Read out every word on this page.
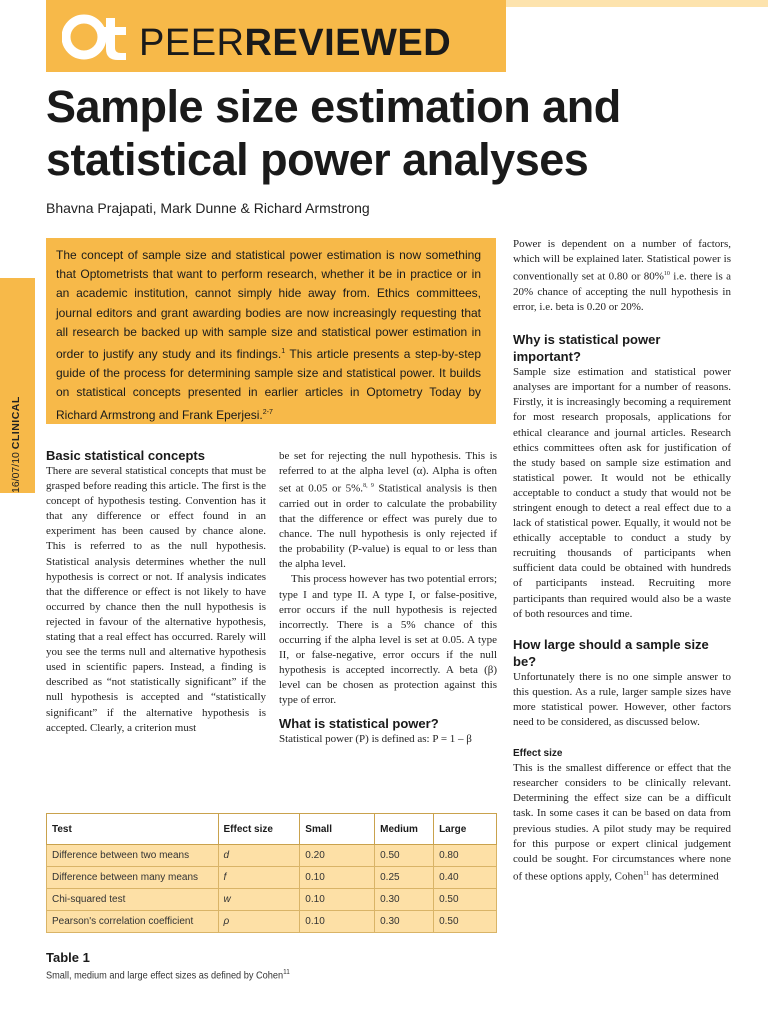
Ot
PEERREVIEWED
Sample size estimation and
statistical power analyses
Bhavna Prajapati, Mark Dunne & Richard Armstrong
16/07/10 CLINICAL

The concept of sample size and statistical power estimation is now something that Optometrists that want to perform research, whether it be in practice or in an academic institution, cannot simply hide away from. Ethics committees, journal editors and grant awarding bodies are now increasingly requesting that all research be backed up with sample size and statistical power estimation in order to justify any study and its findings.$^1$ This article presents a step-by-step guide of the process for determining sample size and statistical power. It builds on statistical concepts presented in earlier articles in Optometry Today by Richard Armstrong and Frank Eperjesi.$^{2-7}$

Basic statistical concepts

There are several statistical concepts that must be grasped before reading this article. The first is the concept of hypothesis testing. Convention has it that any difference or effect found in an experiment has been caused by chance alone. This is referred to as the null hypothesis. Statistical analysis determines whether the null hypothesis is correct or not. If analysis indicates that the difference or effect is not likely to have occurred by chance then the null hypothesis is rejected in favour of the alternative hypothesis, stating that a real effect has occurred. Rarely will you see the terms null and alternative hypothesis used in scientific papers. Instead, a finding is described as “not statistically significant” if the null hypothesis is accepted and “statistically significant” if the alternative hypothesis is accepted. Clearly, a criterion must

be set for rejecting the null hypothesis. This is referred to at the alpha level (α). Alpha is often set at 0.05 or 5%.$^{8, 9}$ Statistical analysis is then carried out in order to calculate the probability that the difference or effect was purely due to chance. The null hypothesis is only rejected if the probability (P-value) is equal to or less than the alpha level.

This process however has two potential errors; type I and type II. A type I, or false-positive, error occurs if the null hypothesis is rejected incorrectly. There is a 5% chance of this occurring if the alpha level is set at 0.05. A type II, or false-negative, error occurs if the null hypothesis is accepted incorrectly. A beta (β) level can be chosen as protection against this type of error.

What is statistical power?

Statistical power (P) is defined as: P = 1 – β

Power is dependent on a number of factors, which will be explained later. Statistical power is conventionally set at 0.80 or 80%$^{10}$ i.e. there is a 20% chance of accepting the null hypothesis in error, i.e. beta is 0.20 or 20%.

Why is statistical power important?

Sample size estimation and statistical power analyses are important for a number of reasons. Firstly, it is increasingly becoming a requirement for most research proposals, applications for ethical clearance and journal articles. Research ethics committees often ask for justification of the study based on sample size estimation and statistical power. It would not be ethically acceptable to conduct a study that would not be stringent enough to detect a real effect due to a lack of statistical power. Equally, it would not be ethically acceptable to conduct a study by recruiting thousands of participants when sufficient data could be obtained with hundreds of participants instead. Recruiting more participants than required would also be a waste of both resources and time.

How large should a sample size be?

Unfortunately there is no one simple answer to this question. As a rule, larger sample sizes have more statistical power. However, other factors need to be considered, as discussed below.

Effect size

This is the smallest difference or effect that the researcher considers to be clinically relevant. Determining the effect size can be a difficult task. In some cases it can be based on data from previous studies. A pilot study may be required for this purpose or expert clinical judgement could be sought. For circumstances where none of these options apply, Cohen$^{11}$ has determined

Test	Effect size	Small	Medium	Large
Difference between two means	d	0.20	0.50	0.80
Difference between many means	f	0.10	0.25	0.40
Chi-squared test	w	0.10	0.30	0.50
Pearson's correlation coefficient	ρ	0.10	0.30	0.50
Table 1
Small, medium and large effect sizes as defined by Cohen$^{11}$
